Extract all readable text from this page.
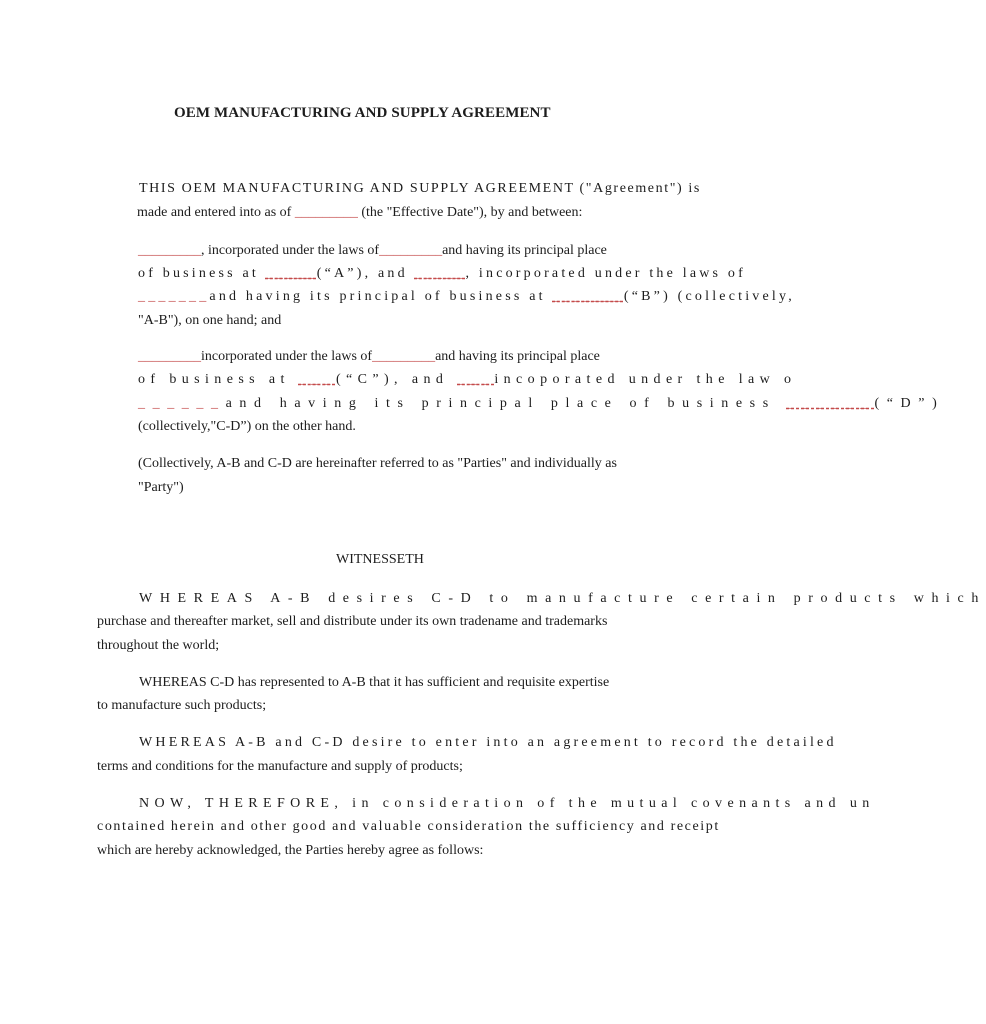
OEM MANUFACTURING AND SUPPLY AGREEMENT
THIS OEM MANUFACTURING AND SUPPLY AGREEMENT ("Agreement") is
made and entered into as of _________ (the "Effective Date"), by and between:
_________, incorporated under the laws of_________and having its principal place
of business at _____(“A”), and _____, incorporated under the laws of
_______and having its principal of business at _______(“B”) (collectively,
"A-B"), on one hand; and
_________incorporated under the laws of_________and having its principal place
of business at ___(“C”), and ___incoporated under the law o
______and having its principal place of business ______(“D”)
(collectively,"C-D”) on the other hand.
(Collectively, A-B and C-D are hereinafter referred to as "Parties" and individually as
"Party")
WITNESSETH
WHEREAS A-B desires C-D to manufacture certain products which
purchase and thereafter market, sell and distribute under its own tradename and trademarks
throughout the world;
WHEREAS C-D has represented to A-B that it has sufficient and requisite expertise
to manufacture such products;
WHEREAS A-B and C-D desire to enter into an agreement to record the detailed
terms and conditions for the manufacture and supply of products;
NOW, THEREFORE, in consideration of the mutual covenants and un
contained herein and other good and valuable consideration the sufficiency and receipt
which are hereby acknowledged, the Parties hereby agree as follows:
